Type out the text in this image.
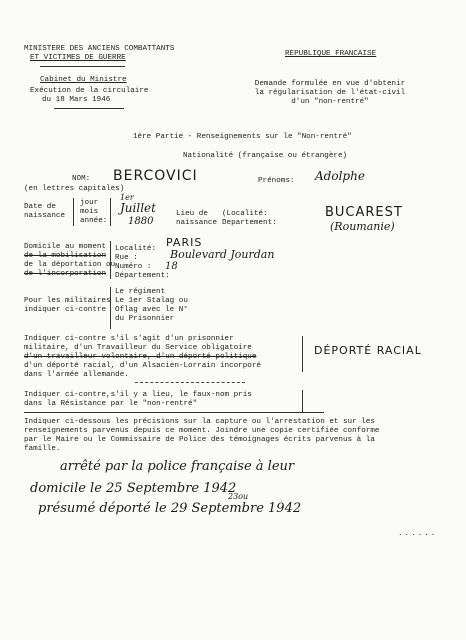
MINISTERE DES ANCIENS COMBATTANTS
ET VICTIMES DE GUERRE	REPUBLIQUE FRANCAISE
Cabinet du Ministre
Exécution de la circulaire
du 18 Mars 1946
Demande formulée en vue d'obtenir
la régularisation de l'état-civil
d'un "non-rentré"
1ère Partie - Renseignements sur le "Non-rentré"
Nationalité (française ou étrangère)
NOM: BERCOVICI
(en lettres capitales)
Prénoms: Adolphe
Date de
naissance
jour
mois
année:
1er
Juillet
1880
Lieu de
naissance
(Localité:
Departement:
BUCAREST
(Roumanie)
Domicile au moment
de la mobilisation
de la déportation ou
de l'incorporation
Localité:
Rue :
Numéro :
Département:
PARIS
Boulevard Jourdan
18
Pour les militaires
indiquer ci-contre
Le régiment
Le 1er Stalag ou
Oflag avec le N°
du Prisonnier
Indiquer ci-contre s'il s'agit d'un prisonnier
militaire, d'un Travailleur du Service obligatoire
d'un travailleur volontaire, d'un déporté politique
d'un déporté racial, d'un Alsacien-Lorrain incorporé
dans l'armée allemande.
DÉPORTÉ RACIAL
Indiquer ci-contre,s'il y a lieu, le faux-nom pris
dans la Résistance par le "non-rentré"
Indiquer ci-dessous les précisions sur la capture ou l'arrestation et sur les
renseignements parvenus depuis ce moment. Joindre une copie certifiée conforme
par le Maire ou le Commissaire de Police des témoignages écrits parvenus à la
famille.
arrêté par la police française à leur
domicile le 25 Septembre 1942
présumé déporté le 29 Septembre 1942
23ou
......
